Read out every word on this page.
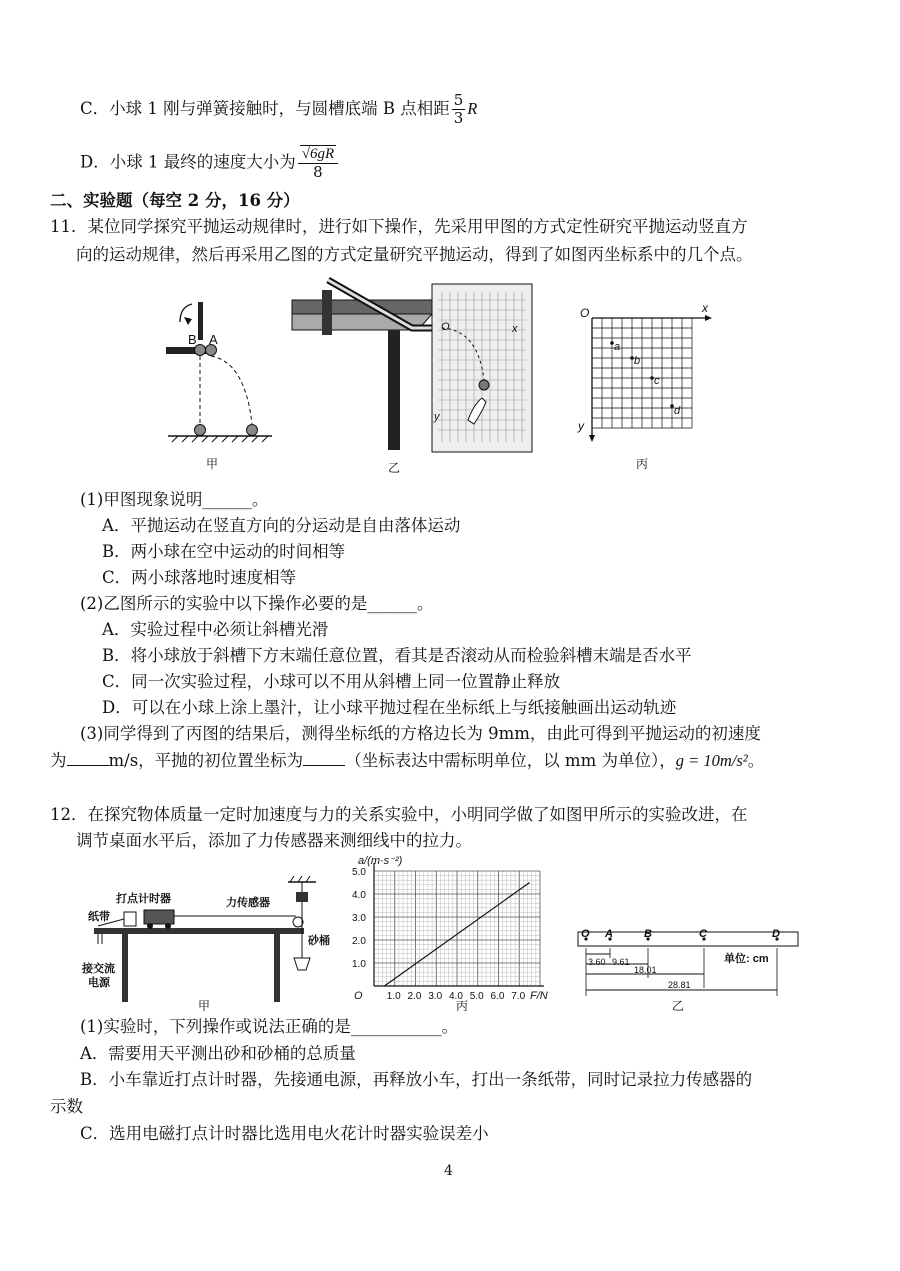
C．小球 1 刚与弹簧接触时，与圆槽底端 B 点相距 $\frac{5}{3}$ R
D．小球 1 最终的速度大小为 $\frac{√6gR}{8}$
二、实验题（每空 2 分，16 分）
11．某位同学探究平抛运动规律时，进行如下操作，先采用甲图的方式定性研究平抛运动竖直方
向的运动规律，然后再采用乙图的方式定量研究平抛运动，得到了如图丙坐标系中的几个点。
B A
甲
O	x
y
乙
O	x
y
a
b
c
d
丙
(1)甲图现象说明______。
A．平抛运动在竖直方向的分运动是自由落体运动
B．两小球在空中运动的时间相等
C．两小球落地时速度相等
(2)乙图所示的实验中以下操作必要的是______。
A．实验过程中必须让斜槽光滑
B．将小球放于斜槽下方末端任意位置，看其是否滚动从而检验斜槽末端是否水平
C．同一次实验过程，小球可以不用从斜槽上同一位置静止释放
D．可以在小球上涂上墨汁，让小球平抛过程在坐标纸上与纸接触画出运动轨迹
(3)同学得到了丙图的结果后，测得坐标纸的方格边长为 9mm，由此可得到平抛运动的初速度
为	m/s，平抛的初位置坐标为	（坐标表达中需标明单位，以 mm 为单位），g = 10m/s²。
12．在探究物体质量一定时加速度与力的关系实验中，小明同学做了如图甲所示的实验改进，在
调节桌面水平后，添加了力传感器来测细线中的拉力。
打点计时器	力传感器
纸带
砂桶
接交流
电源
甲
a/(m·s⁻²)
F/N
O 1.0 2.0 3.0 4.0 5.0 6.0 7.0
1.0
2.0
3.0
4.0
5.0
丙
O A	B	C	D
3.60 9.61
18.01
28.81
单位: cm
乙
(1)实验时，下列操作或说法正确的是___________。
A．需要用天平测出砂和砂桶的总质量
B．小车靠近打点计时器，先接通电源，再释放小车，打出一条纸带，同时记录拉力传感器的
示数
C．选用电磁打点计时器比选用电火花计时器实验误差小
4
